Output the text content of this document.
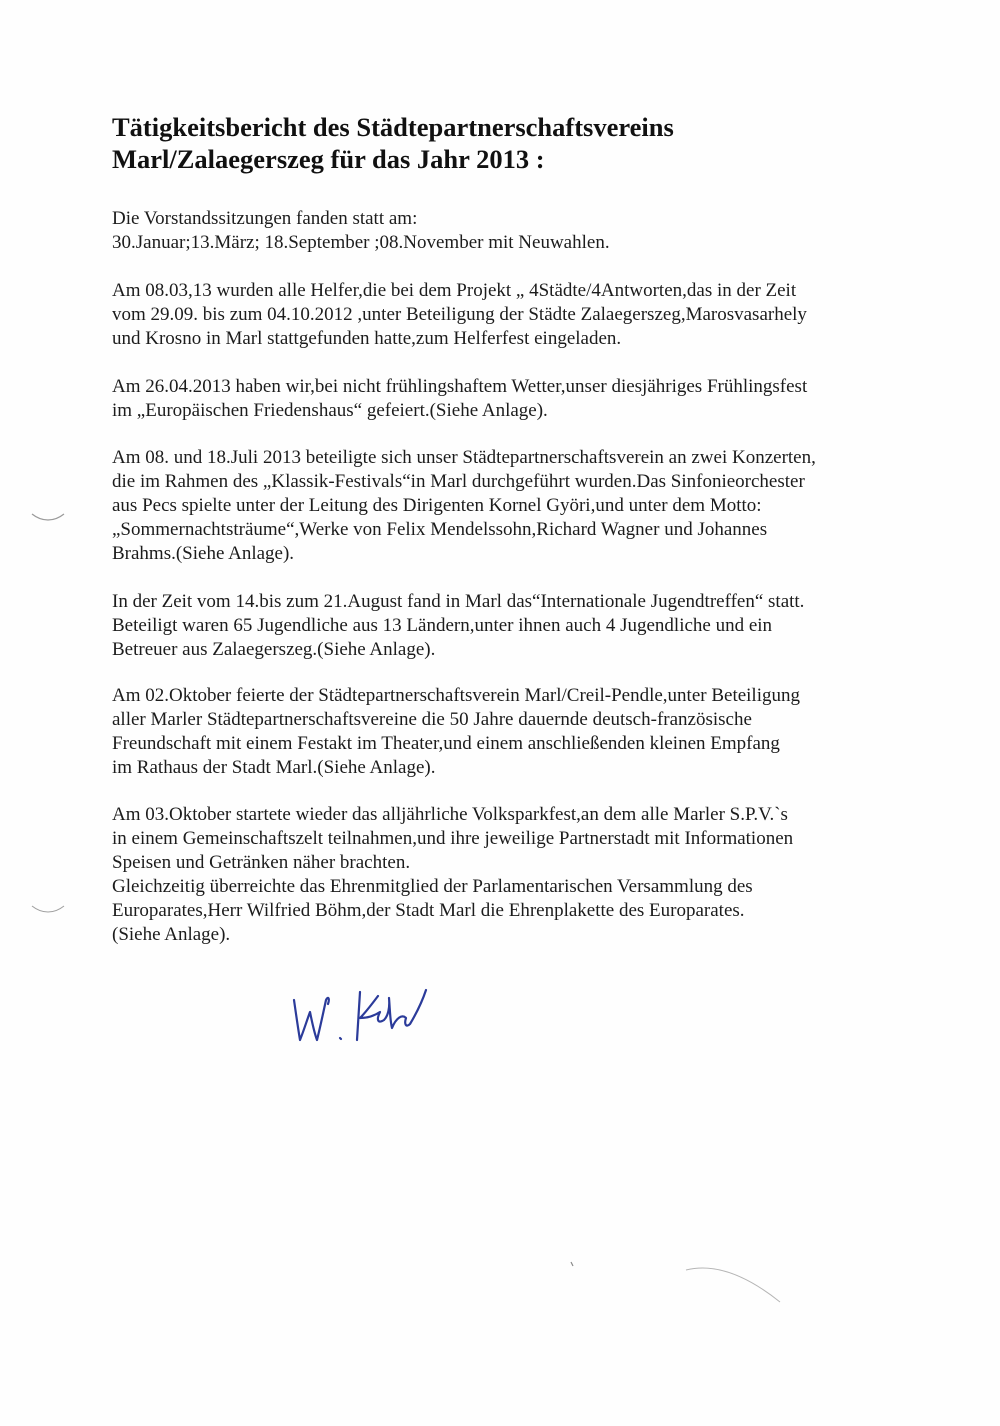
Tätigkeitsbericht des Städtepartnerschaftsvereins
Marl/Zalaegerszeg für das Jahr 2013 :
Die Vorstandssitzungen fanden statt am:
30.Januar;13.März; 18.September ;08.November mit Neuwahlen.
Am 08.03,13 wurden alle Helfer,die bei dem Projekt „ 4Städte/4Antworten,das in der Zeit
vom 29.09. bis zum 04.10.2012 ,unter Beteiligung der Städte Zalaegerszeg,Marosvasarhely
und Krosno in Marl stattgefunden hatte,zum Helferfest eingeladen.
Am 26.04.2013 haben wir,bei nicht frühlingshaftem Wetter,unser diesjähriges Frühlingsfest
im „Europäischen Friedenshaus“ gefeiert.(Siehe Anlage).
Am 08. und 18.Juli 2013 beteiligte sich unser Städtepartnerschaftsverein an zwei Konzerten,
die im Rahmen des „Klassik-Festivals“in Marl durchgeführt wurden.Das Sinfonieorchester
aus Pecs spielte unter der Leitung des Dirigenten Kornel Györi,und unter dem Motto:
„Sommernachtsträume“,Werke von Felix Mendelssohn,Richard Wagner und Johannes
Brahms.(Siehe Anlage).
In der Zeit vom 14.bis zum 21.August fand in Marl das“Internationale Jugendtreffen“ statt.
Beteiligt waren 65 Jugendliche aus 13 Ländern,unter ihnen auch 4 Jugendliche und ein
Betreuer aus Zalaegerszeg.(Siehe Anlage).
Am 02.Oktober feierte der Städtepartnerschaftsverein Marl/Creil-Pendle,unter Beteiligung
aller Marler Städtepartnerschaftsvereine die 50 Jahre dauernde deutsch-französische
Freundschaft mit einem Festakt im Theater,und einem anschließenden kleinen Empfang
im Rathaus der Stadt Marl.(Siehe Anlage).
Am 03.Oktober startete wieder das alljährliche Volksparkfest,an dem alle Marler S.P.V.`s
in einem Gemeinschaftszelt teilnahmen,und ihre jeweilige Partnerstadt mit Informationen
Speisen und Getränken näher brachten.
Gleichzeitig überreichte das Ehrenmitglied der Parlamentarischen Versammlung des
Europarates,Herr Wilfried Böhm,der Stadt Marl die Ehrenplakette des Europarates.
(Siehe Anlage).
